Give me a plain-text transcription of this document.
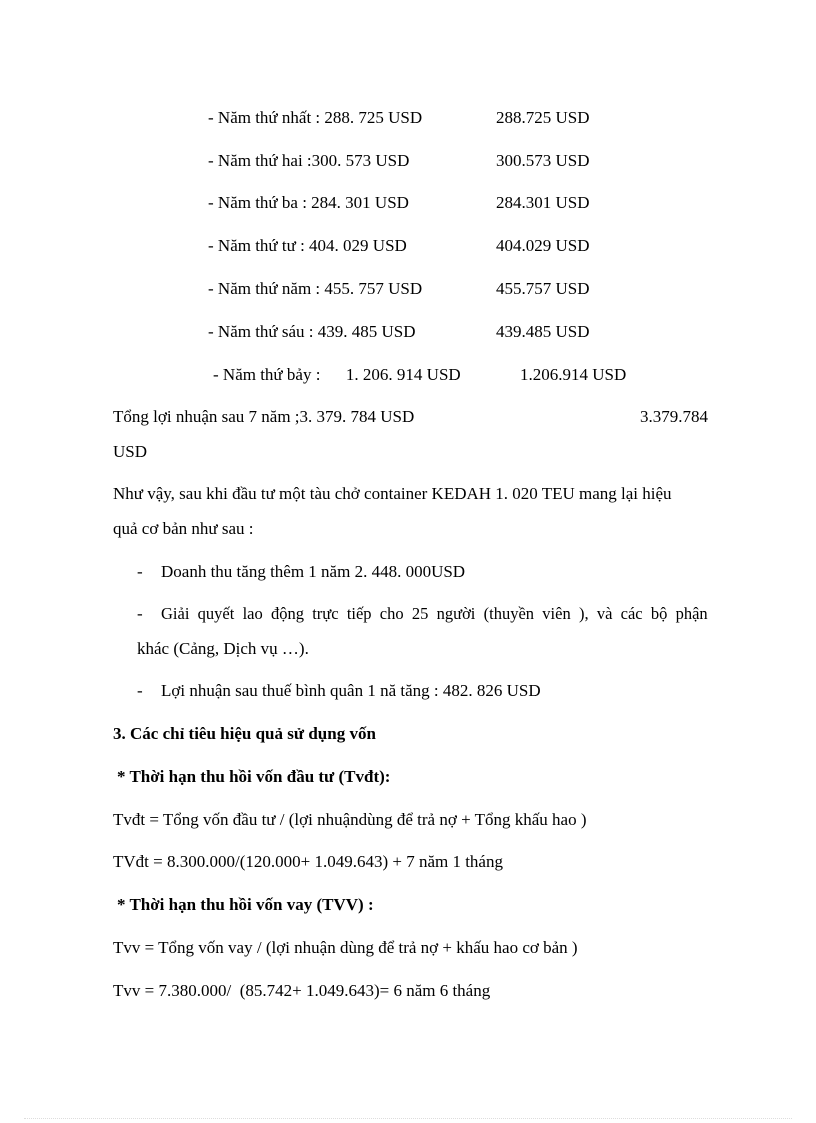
- Năm thứ nhất : 288. 725 USD	288.725 USD
- Năm thứ hai :300. 573 USD	300.573 USD
- Năm thứ ba : 284. 301 USD	284.301 USD
- Năm thứ tư : 404. 029 USD	404.029 USD
- Năm thứ năm : 455. 757 USD	455.757 USD
- Năm thứ sáu : 439. 485 USD	439.485 USD
- Năm thứ bảy :      1. 206. 914 USD	1.206.914 USD
Tổng lợi nhuận sau 7 năm ;3. 379. 784 USD	3.379.784
USD
Như vậy, sau khi đầu tư một tàu chở container KEDAH 1. 020 TEU mang lại hiệu
quả cơ bản như sau :
- Doanh thu tăng thêm 1 năm 2. 448. 000USD
- Giải  quyết  lao  động  trực  tiếp  cho  25  người  (thuyền  viên  ),  và  các  bộ  phận
khác (Cảng, Dịch vụ …).
- Lợi nhuận sau thuế bình quân 1 nă tăng : 482. 826 USD
3. Các chỉ tiêu hiệu quả sử dụng vốn
* Thời hạn thu hồi vốn đầu tư (Tvđt):
Tvđt = Tổng vốn đầu tư / (lợi nhuậndùng để trả nợ + Tổng khấu hao )
TVđt = 8.300.000/(120.000+ 1.049.643) + 7 năm 1 tháng
* Thời hạn thu hồi vốn vay (TVV) :
Tvv = Tổng vốn vay / (lợi nhuận dùng để trả nợ + khấu hao cơ bản )
Tvv = 7.380.000/  (85.742+ 1.049.643)= 6 năm 6 tháng
